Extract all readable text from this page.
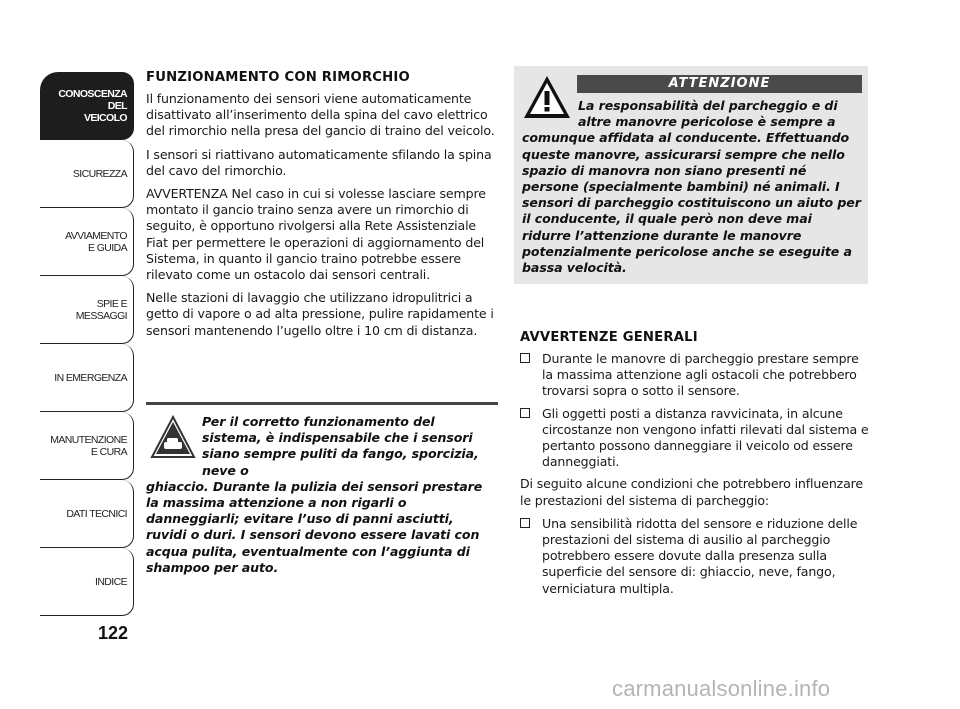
CONOSCENZA
DEL
VEICOLO
SICUREZZA
AVVIAMENTO
E GUIDA
SPIE E
MESSAGGI
IN EMERGENZA
MANUTENZIONE
E CURA
DATI TECNICI
INDICE
122
FUNZIONAMENTO CON RIMORCHIO

Il funzionamento dei sensori viene automaticamente disattivato all’inserimento della spina del cavo elettrico del rimorchio nella presa del gancio di traino del veicolo.

I sensori si riattivano automaticamente sfilando la spina del cavo del rimorchio.

AVVERTENZA Nel caso in cui si volesse lasciare sempre montato il gancio traino senza avere un rimorchio di seguito, è opportuno rivolgersi alla Rete Assistenziale Fiat per permettere le operazioni di aggiornamento del Sistema, in quanto il gancio traino potrebbe essere rilevato come un ostacolo dai sensori centrali.

Nelle stazioni di lavaggio che utilizzano idropulitrici a getto di vapore o ad alta pressione, pulire rapidamente i sensori mantenendo l’ugello oltre i 10 cm di distanza.

Per il corretto funzionamento del sistema, è indispensabile che i sensori siano sempre puliti da fango, sporcizia, neve o
ghiaccio. Durante la pulizia dei sensori prestare la massima attenzione a non rigarli o danneggiarli; evitare l’uso di panni asciutti, ruvidi o duri. I sensori devono essere lavati con acqua pulita, eventualmente con l’aggiunta di shampoo per auto.
ATTENZIONE
La responsabilità del parcheggio e di altre manovre pericolose è sempre a
comunque affidata al conducente. Effettuando queste manovre, assicurarsi sempre che nello spazio di manovra non siano presenti né persone (specialmente bambini) né animali. I sensori di parcheggio costituiscono un aiuto per il conducente, il quale però non deve mai ridurre l’attenzione durante le manovre potenzialmente pericolose anche se eseguite a bassa velocità.
AVVERTENZE GENERALI
Durante le manovre di parcheggio prestare sempre la massima attenzione agli ostacoli che potrebbero trovarsi sopra o sotto il sensore.
Gli oggetti posti a distanza ravvicinata, in alcune circostanze non vengono infatti rilevati dal sistema e pertanto possono danneggiare il veicolo od essere danneggiati.

Di seguito alcune condizioni che potrebbero influenzare le prestazioni del sistema di parcheggio:

Una sensibilità ridotta del sensore e riduzione delle prestazioni del sistema di ausilio al parcheggio potrebbero essere dovute dalla presenza sulla superficie del sensore di: ghiaccio, neve, fango, verniciatura multipla.
carmanualsonline.info
